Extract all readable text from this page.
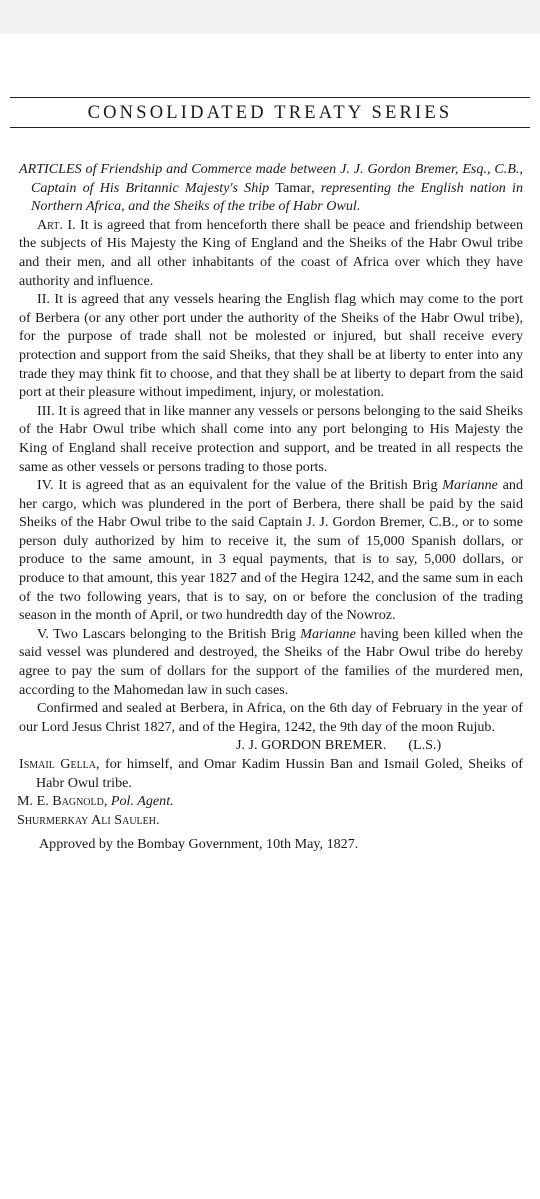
CONSOLIDATED TREATY SERIES

ARTICLES of Friendship and Commerce made between J. J. Gordon Bremer, Esq., C.B., Captain of His Britannic Majesty's Ship Tamar, representing the English nation in Northern Africa, and the Sheiks of the tribe of Habr Owul.

Art. I. It is agreed that from henceforth there shall be peace and friendship between the subjects of His Majesty the King of England and the Sheiks of the Habr Owul tribe and their men, and all other inhabitants of the coast of Africa over which they have authority and influence.

II. It is agreed that any vessels hearing the English flag which may come to the port of Berbera (or any other port under the authority of the Sheiks of the Habr Owul tribe), for the purpose of trade shall not be molested or injured, but shall receive every protection and support from the said Sheiks, that they shall be at liberty to enter into any trade they may think fit to choose, and that they shall be at liberty to depart from the said port at their pleasure without impediment, injury, or molestation.

III. It is agreed that in like manner any vessels or persons belonging to the said Sheiks of the Habr Owul tribe which shall come into any port belonging to His Majesty the King of England shall receive protection and support, and be treated in all respects the same as other vessels or persons trading to those ports.

IV. It is agreed that as an equivalent for the value of the British Brig Marianne and her cargo, which was plundered in the port of Berbera, there shall be paid by the said Sheiks of the Habr Owul tribe to the said Captain J. J. Gordon Bremer, C.B., or to some person duly authorized by him to receive it, the sum of 15,000 Spanish dollars, or produce to the same amount, in 3 equal payments, that is to say, 5,000 dollars, or produce to that amount, this year 1827 and of the Hegira 1242, and the same sum in each of the two following years, that is to say, on or before the conclusion of the trading season in the month of April, or two hundredth day of the Nowroz.

V. Two Lascars belonging to the British Brig Marianne having been killed when the said vessel was plundered and destroyed, the Sheiks of the Habr Owul tribe do hereby agree to pay the sum of dollars for the support of the families of the murdered men, according to the Mahomedan law in such cases.

Confirmed and sealed at Berbera, in Africa, on the 6th day of February in the year of our Lord Jesus Christ 1827, and of the Hegira, 1242, the 9th day of the moon Rujub.

J. J. GORDON BREMER. (L.S.)

Ismail Gella, for himself, and Omar Kadim Hussin Ban and Ismail Goled, Sheiks of Habr Owul tribe.

M. E. Bagnold, Pol. Agent.

Shurmerkay Ali Sauleh.

Approved by the Bombay Government, 10th May, 1827.
